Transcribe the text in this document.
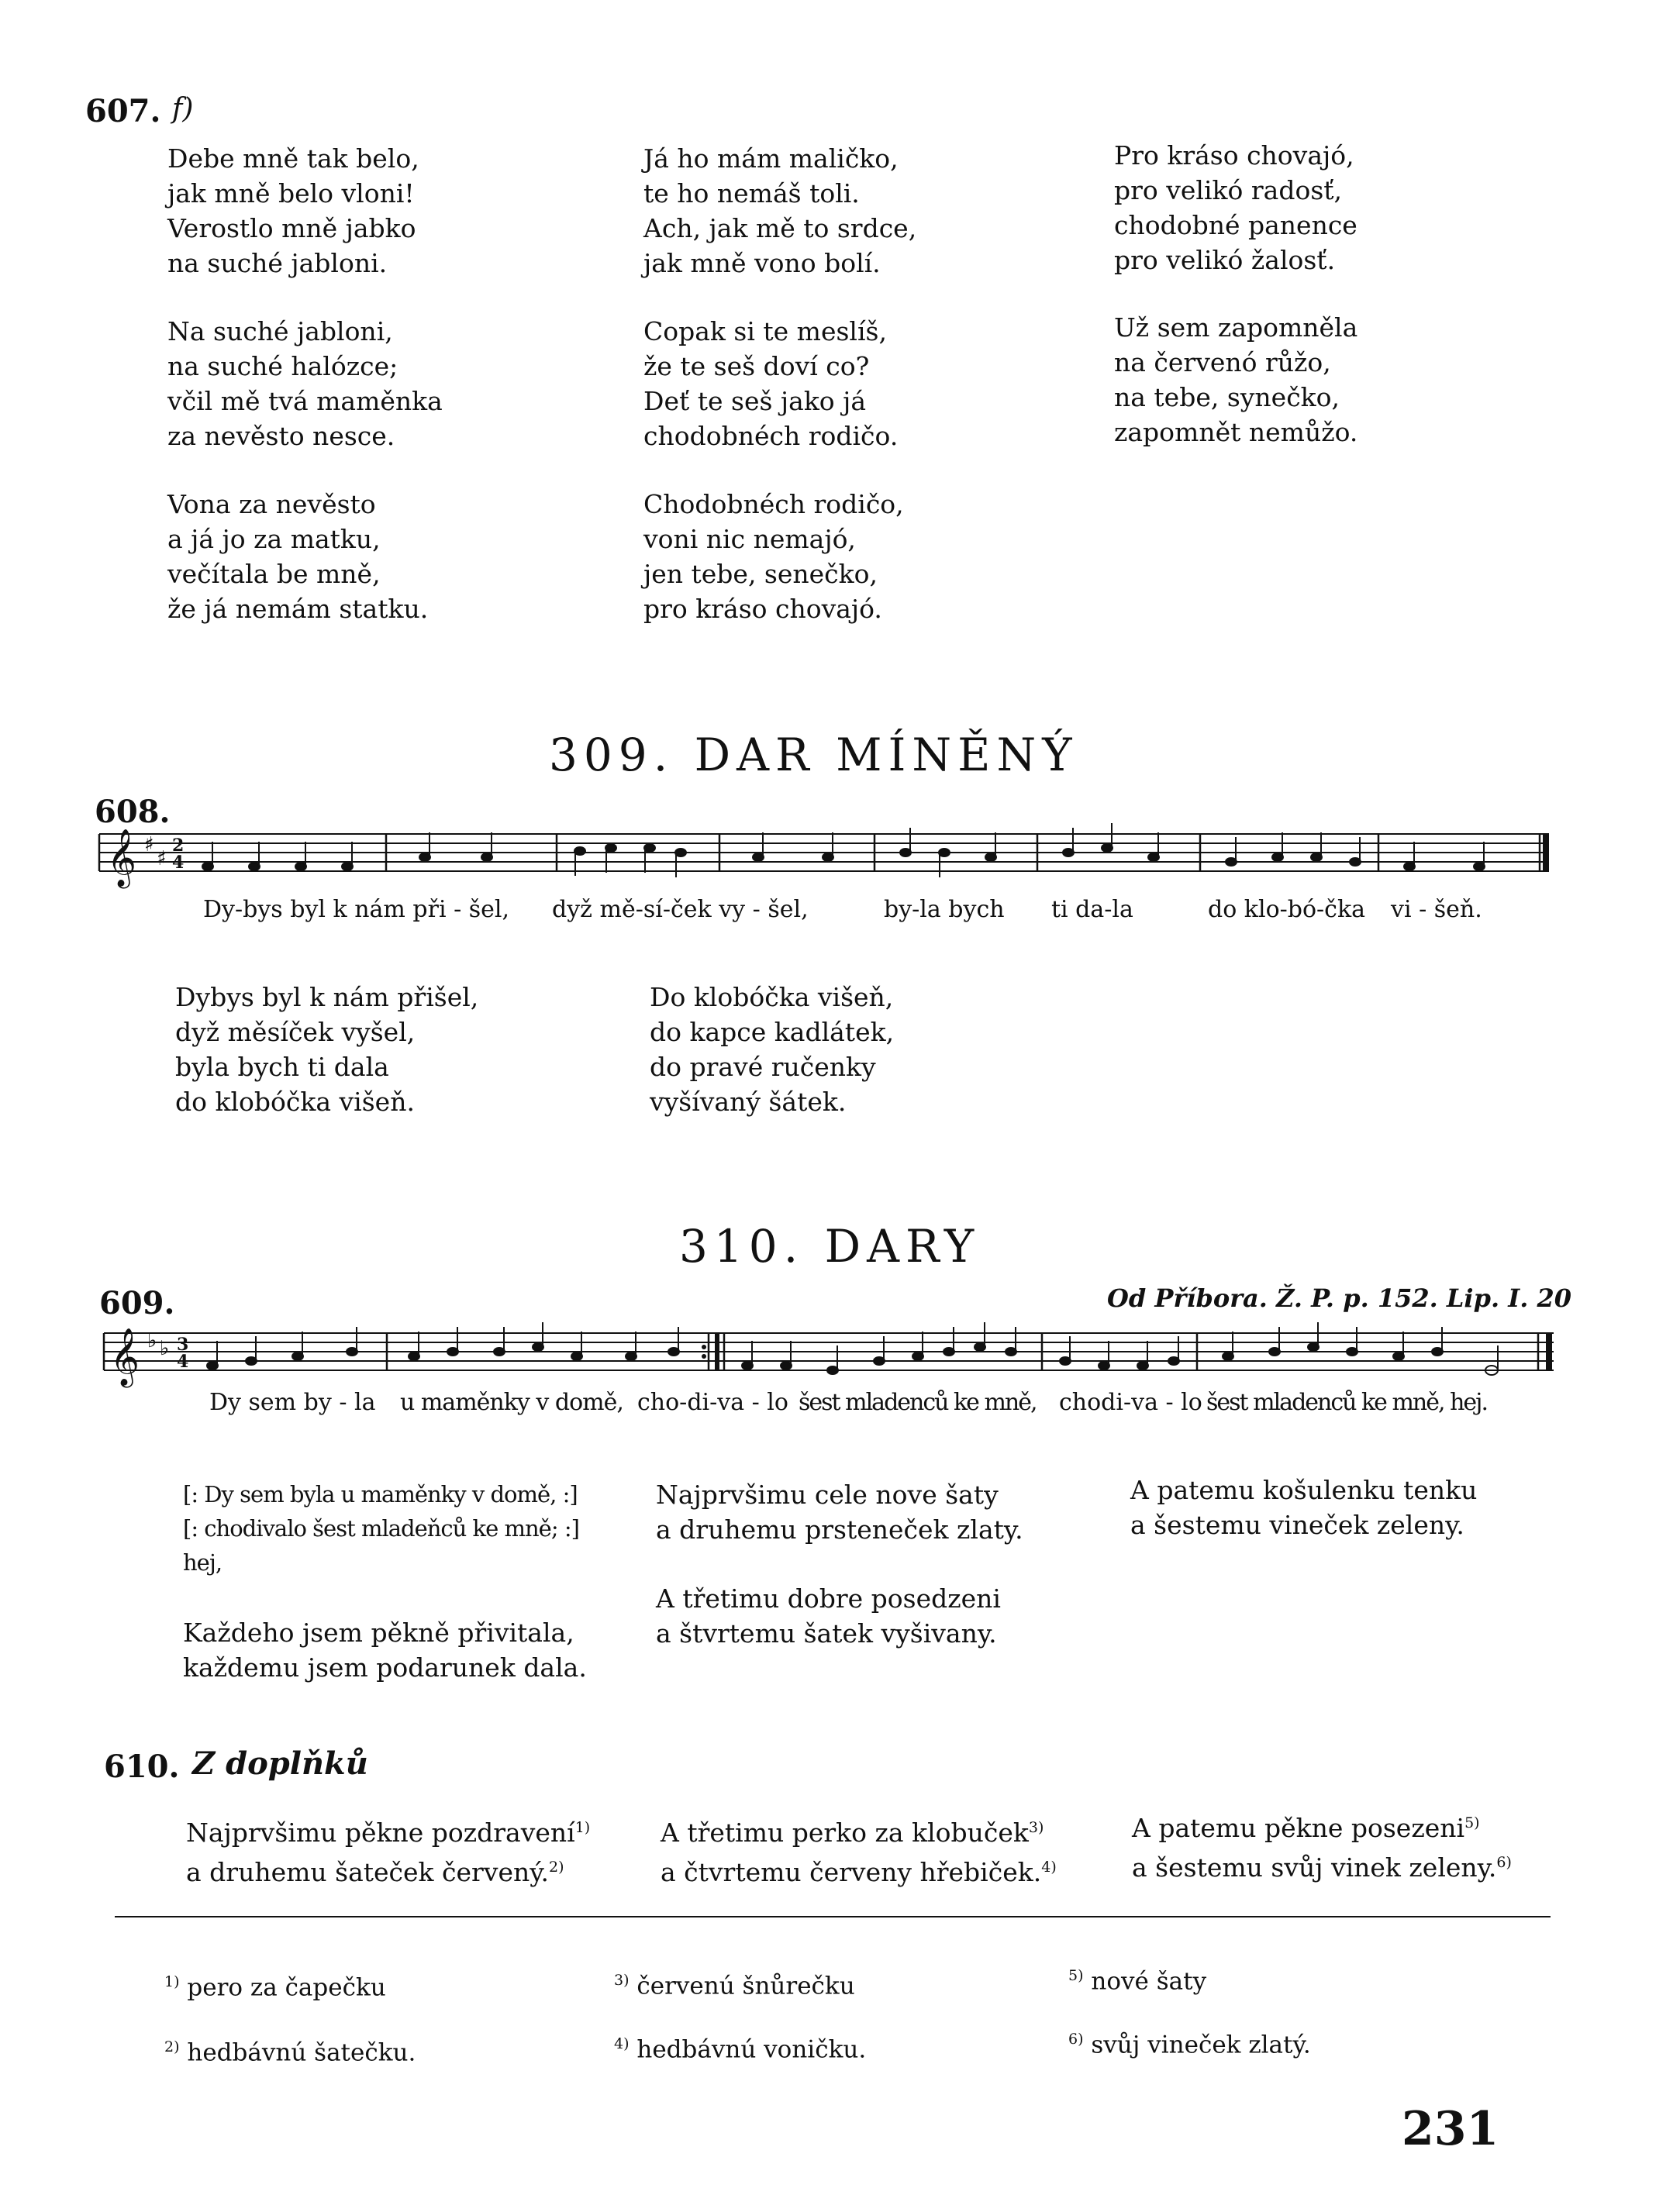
607. f)
Debe mně tak belo,
jak mně belo vloni!
Verostlo mně jabko
na suché jabloni.
Na suché jabloni,
na suché halózce;
včil mě tvá maměnka
za nevěsto nesce.
Vona za nevěsto
a já jo za matku,
večítala be mně,
že já nemám statku.
Já ho mám maličko,
te ho nemáš toli.
Ach, jak mě to srdce,
jak mně vono bolí.
Copak si te meslíš,
že te seš doví co?
Deť te seš jako já
chodobnéch rodičo.
Chodobnéch rodičo,
voni nic nemajó,
jen tebe, senečko,
pro kráso chovajó.
Pro kráso chovajó,
pro velikó radosť,
chodobné panence
pro velikó žalosť.
Už sem zapomněla
na červenó růžo,
na tebe, synečko,
zapomnět nemůžo.
309. DAR MÍNĚNÝ
608.
𝄞 ♯
♯
2
4
Dy-bys byl k nám při - šel, dyž mě-sí-ček vy - šel,	by-la bych ti da-la	do klo-bó-čka vi - šeň.
Dybys byl k nám přišel,
dyž měsíček vyšel,
byla bych ti dala
do klobóčka višeň.
Do klobóčka višeň,
do kapce kadlátek,
do pravé ručenky
vyšívaný šátek.
310. DARY
609.	Od Příbora. Ž. P. p. 152. Lip. I. 20
𝄞 ♭ ♭ 3
4
Dy sem by - la u maměnky v domě, cho-di-va - lo šest mladenců ke mně, chodi-va - lo šest mladenců ke mně, hej.
[: Dy sem byla u maměnky v domě, :]
[: chodivalo šest mladeňců ke mně; :]
hej,
Každeho jsem pěkně přivitala,
každemu jsem podarunek dala.
Najprvšimu cele nove šaty
a druhemu prsteneček zlaty.
A třetimu dobre posedzeni
a štvrtemu šatek vyšivany.
A patemu košulenku tenku
a šestemu vineček zeleny.
610. Z doplňků
Najprvšimu pěkne pozdravení$^{1)}$
a druhemu šateček červený.$^{2)}$
A třetimu perko za klobuček$^{3)}$
a čtvrtemu červeny hřebiček.$^{4)}$
A patemu pěkne posezeni$^{5)}$
a šestemu svůj vinek zeleny.$^{6)}$
$^{1)}$ pero za čapečku
$^{2)}$ hedbávnú šatečku.
$^{3)}$ červenú šnůrečku
$^{4)}$ hedbávnú voničku.
$^{5)}$ nové šaty
$^{6)}$ svůj vineček zlatý.
231
